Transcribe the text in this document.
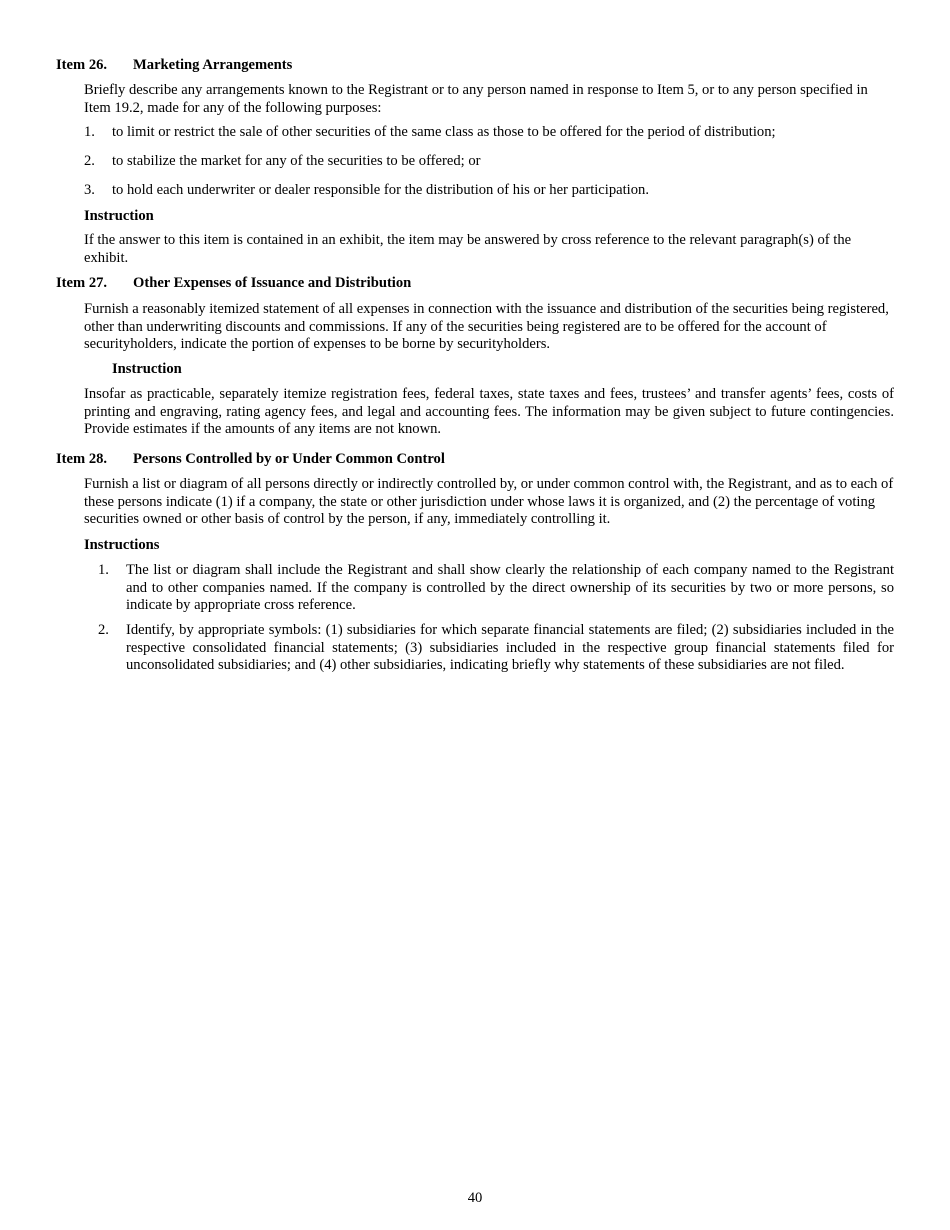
Item 26. Marketing Arrangements
Briefly describe any arrangements known to the Registrant or to any person named in response to Item 5, or to any person specified in Item 19.2, made for any of the following purposes:
1. to limit or restrict the sale of other securities of the same class as those to be offered for the period of distribution;
2. to stabilize the market for any of the securities to be offered; or
3. to hold each underwriter or dealer responsible for the distribution of his or her participation.
Instruction
If the answer to this item is contained in an exhibit, the item may be answered by cross reference to the relevant paragraph(s) of the exhibit.
Item 27. Other Expenses of Issuance and Distribution
Furnish a reasonably itemized statement of all expenses in connection with the issuance and distribution of the securities being registered, other than underwriting discounts and commissions. If any of the securities being registered are to be offered for the account of securityholders, indicate the portion of expenses to be borne by securityholders.
Instruction
Insofar as practicable, separately itemize registration fees, federal taxes, state taxes and fees, trustees’ and transfer agents’ fees, costs of printing and engraving, rating agency fees, and legal and accounting fees. The information may be given subject to future contingencies. Provide estimates if the amounts of any items are not known.
Item 28. Persons Controlled by or Under Common Control
Furnish a list or diagram of all persons directly or indirectly controlled by, or under common control with, the Registrant, and as to each of these persons indicate (1) if a company, the state or other jurisdiction under whose laws it is organized, and (2) the percentage of voting securities owned or other basis of control by the person, if any, immediately controlling it.
Instructions
1. The list or diagram shall include the Registrant and shall show clearly the relationship of each company named to the Registrant and to other companies named. If the company is controlled by the direct ownership of its securities by two or more persons, so indicate by appropriate cross reference.
2. Identify, by appropriate symbols: (1) subsidiaries for which separate financial statements are filed; (2) subsidiaries included in the respective consolidated financial statements; (3) subsidiaries included in the respective group financial statements filed for unconsolidated subsidiaries; and (4) other subsidiaries, indicating briefly why statements of these subsidiaries are not filed.
40
